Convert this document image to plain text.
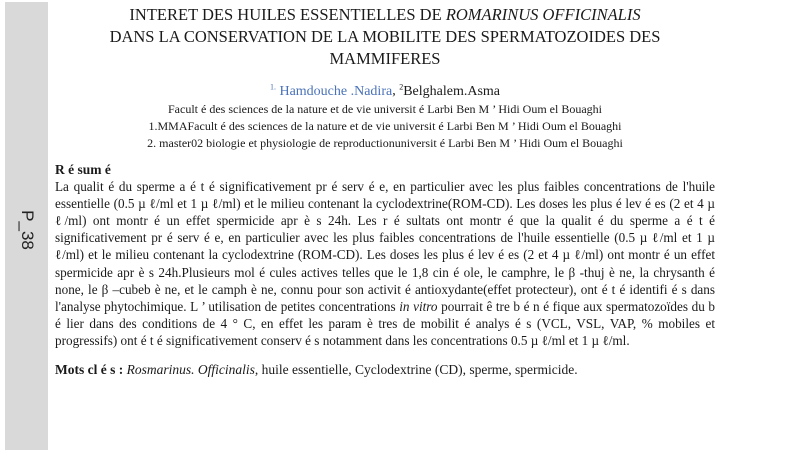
P_38
INTERET DES HUILES ESSENTIELLES DE ROMARINUS OFFICINALIS
DANS LA CONSERVATION DE LA MOBILITE DES SPERMATOZOIDES DES
MAMMIFERES
$^{1.}$ Hamdouche .Nadira, $^2$Belghalem.Asma
Facult é des sciences de la nature et de vie universit é Larbi Ben M ’ Hidi Oum el Bouaghi
1.MMAFacult é des sciences de la nature et de vie universit é Larbi Ben M ’ Hidi Oum el Bouaghi
2. master02 biologie et physiologie de reproductionuniversit é Larbi Ben M ’ Hidi Oum el Bouaghi
R é sum é

La qualit é du sperme a é t é significativement pr é serv é e, en particulier avec les plus faibles concentrations de l'huile essentielle (0.5 µ ℓ/ml et 1 µ ℓ/ml) et le milieu contenant la cyclodextrine(ROM-CD). Les doses les plus é lev é es (2 et 4 µ ℓ/ml) ont montr é un effet spermicide apr è s 24h. Les r é sultats ont montr é que la qualit é du sperme a é t é significativement pr é serv é e, en particulier avec les plus faibles concentrations de l'huile essentielle (0.5 µ ℓ/ml et 1 µ ℓ/ml) et le milieu contenant la cyclodextrine (ROM-CD). Les doses les plus é lev é es (2 et 4 µ ℓ/ml) ont montr é un effet spermicide apr è s 24h.Plusieurs mol é cules actives telles que le 1,8 cin é ole, le camphre, le β -thuj è ne, la chrysanth é none, le β –cubeb è ne, et le camph è ne, connu pour son activit é antioxydante(effet protecteur), ont é t é identifi é s dans l'analyse phytochimique. L ’ utilisation de petites concentrations in vitro pourrait ê tre b é n é fique aux spermatozoïdes du b é lier dans des conditions de 4 ° C, en effet les param è tres de mobilit é analys é s (VCL, VSL, VAP, % mobiles et progressifs) ont é t é significativement conserv é s notamment dans les concentrations 0.5 µ ℓ/ml et 1 µ ℓ/ml.

Mots cl é s : Rosmarinus. Officinalis, huile essentielle, Cyclodextrine (CD), sperme, spermicide.
